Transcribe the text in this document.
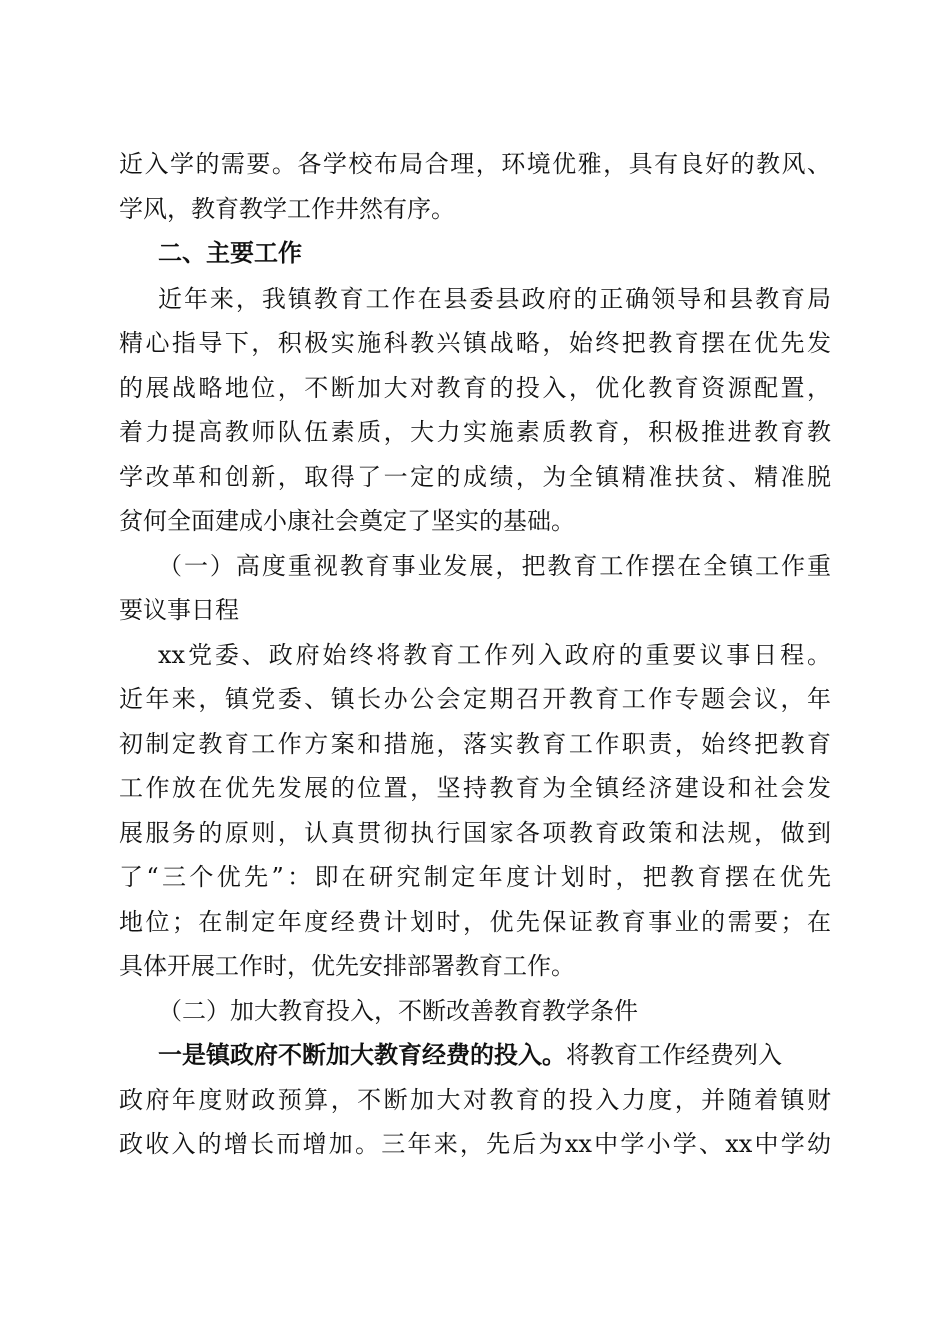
近入学的需要。各学校布局合理，环境优雅，具有良好的教风、
学风，教育教学工作井然有序。
二、主要工作
近年来，我镇教育工作在县委县政府的正确领导和县教育局
精心指导下，积极实施科教兴镇战略，始终把教育摆在优先发
的展战略地位，不断加大对教育的投入，优化教育资源配置，
着力提高教师队伍素质，大力实施素质教育，积极推进教育教
学改革和创新，取得了一定的成绩，为全镇精准扶贫、精准脱
贫何全面建成小康社会奠定了坚实的基础。
（一）高度重视教育事业发展，把教育工作摆在全镇工作重
要议事日程
xx党委、政府始终将教育工作列入政府的重要议事日程。
近年来，镇党委、镇长办公会定期召开教育工作专题会议，年
初制定教育工作方案和措施，落实教育工作职责，始终把教育
工作放在优先发展的位置，坚持教育为全镇经济建设和社会发
展服务的原则，认真贯彻执行国家各项教育政策和法规，做到
了“三个优先”：即在研究制定年度计划时，把教育摆在优先
地位；在制定年度经费计划时，优先保证教育事业的需要；在
具体开展工作时，优先安排部署教育工作。
（二）加大教育投入，不断改善教育教学条件
一是镇政府不断加大教育经费的投入。将教育工作经费列入
政府年度财政预算，不断加大对教育的投入力度，并随着镇财
政收入的增长而增加。三年来，先后为xx中学小学、xx中学幼
